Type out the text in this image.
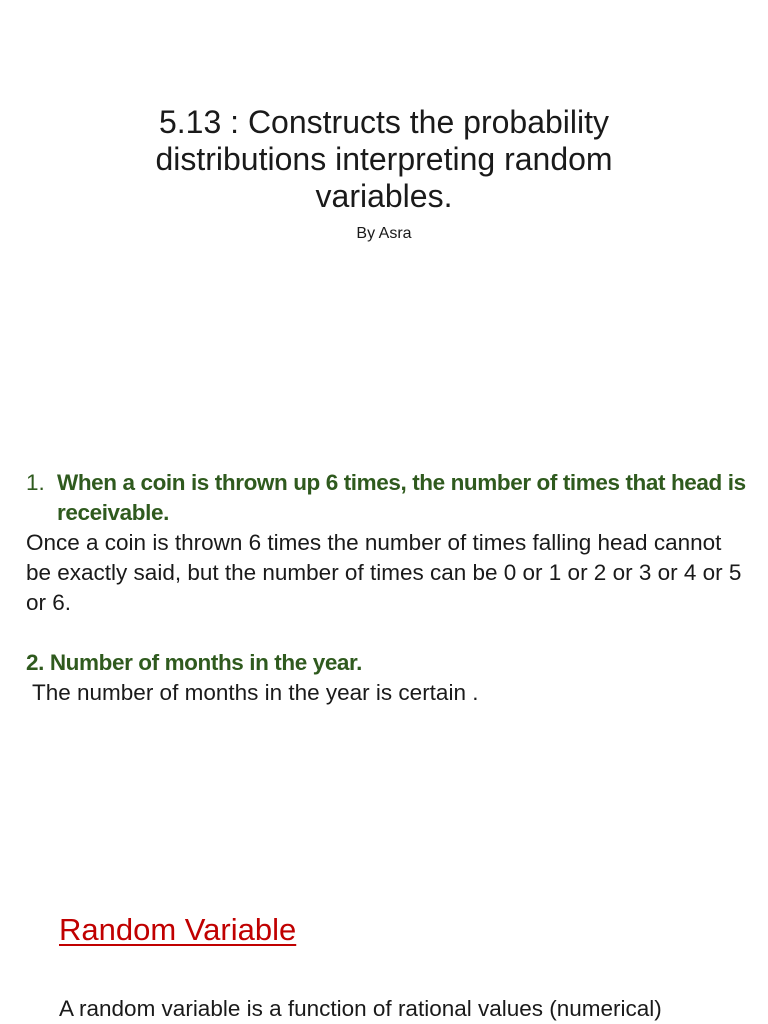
5.13 : Constructs the probability distributions interpreting random variables.
By Asra
1. When a coin is thrown up 6 times, the number of times that head is receivable.
Once a coin is thrown 6 times the number of times falling head cannot be exactly said, but the number of times can be 0 or 1 or 2 or 3 or 4 or 5 or 6.
2. Number of months in the year.
The number of months in the year is certain .
Random Variable
A random variable is a function of rational values (numerical)
